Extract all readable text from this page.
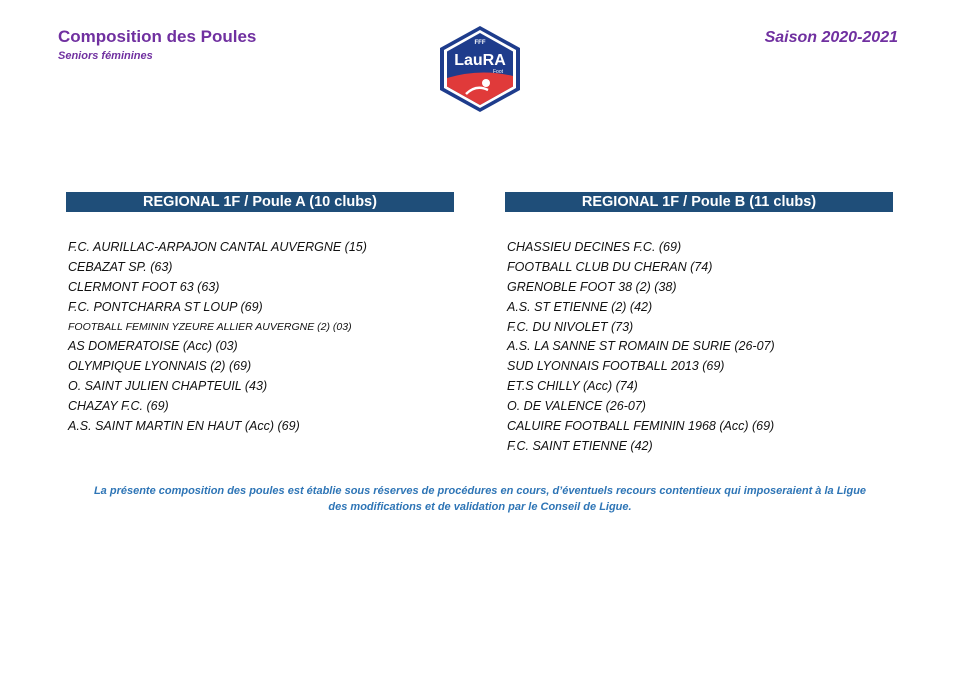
Composition des Poules
Seniors féminines
Saison 2020-2021
FFF
LauRA
Foot
REGIONAL 1F / Poule A (10 clubs)
F.C. AURILLAC-ARPAJON CANTAL AUVERGNE (15)
CEBAZAT SP. (63)
CLERMONT FOOT 63 (63)
F.C. PONTCHARRA ST LOUP (69)
FOOTBALL FEMININ YZEURE ALLIER AUVERGNE (2) (03)
AS DOMERATOISE (Acc) (03)
OLYMPIQUE LYONNAIS (2) (69)
O. SAINT JULIEN CHAPTEUIL (43)
CHAZAY F.C. (69)
A.S. SAINT MARTIN EN HAUT (Acc) (69)
REGIONAL 1F / Poule B (11 clubs)
CHASSIEU DECINES F.C. (69)
FOOTBALL CLUB DU CHERAN (74)
GRENOBLE FOOT 38 (2) (38)
A.S. ST ETIENNE (2) (42)
F.C. DU NIVOLET (73)
A.S. LA SANNE ST ROMAIN DE SURIE (26-07)
SUD LYONNAIS FOOTBALL 2013 (69)
ET.S CHILLY (Acc) (74)
O. DE VALENCE (26-07)
CALUIRE FOOTBALL FEMININ 1968 (Acc) (69)
F.C. SAINT ETIENNE (42)
La présente composition des poules est établie sous réserves de procédures en cours, d’éventuels recours contentieux qui imposeraient à la Ligue des modifications et de validation par le Conseil de Ligue.
